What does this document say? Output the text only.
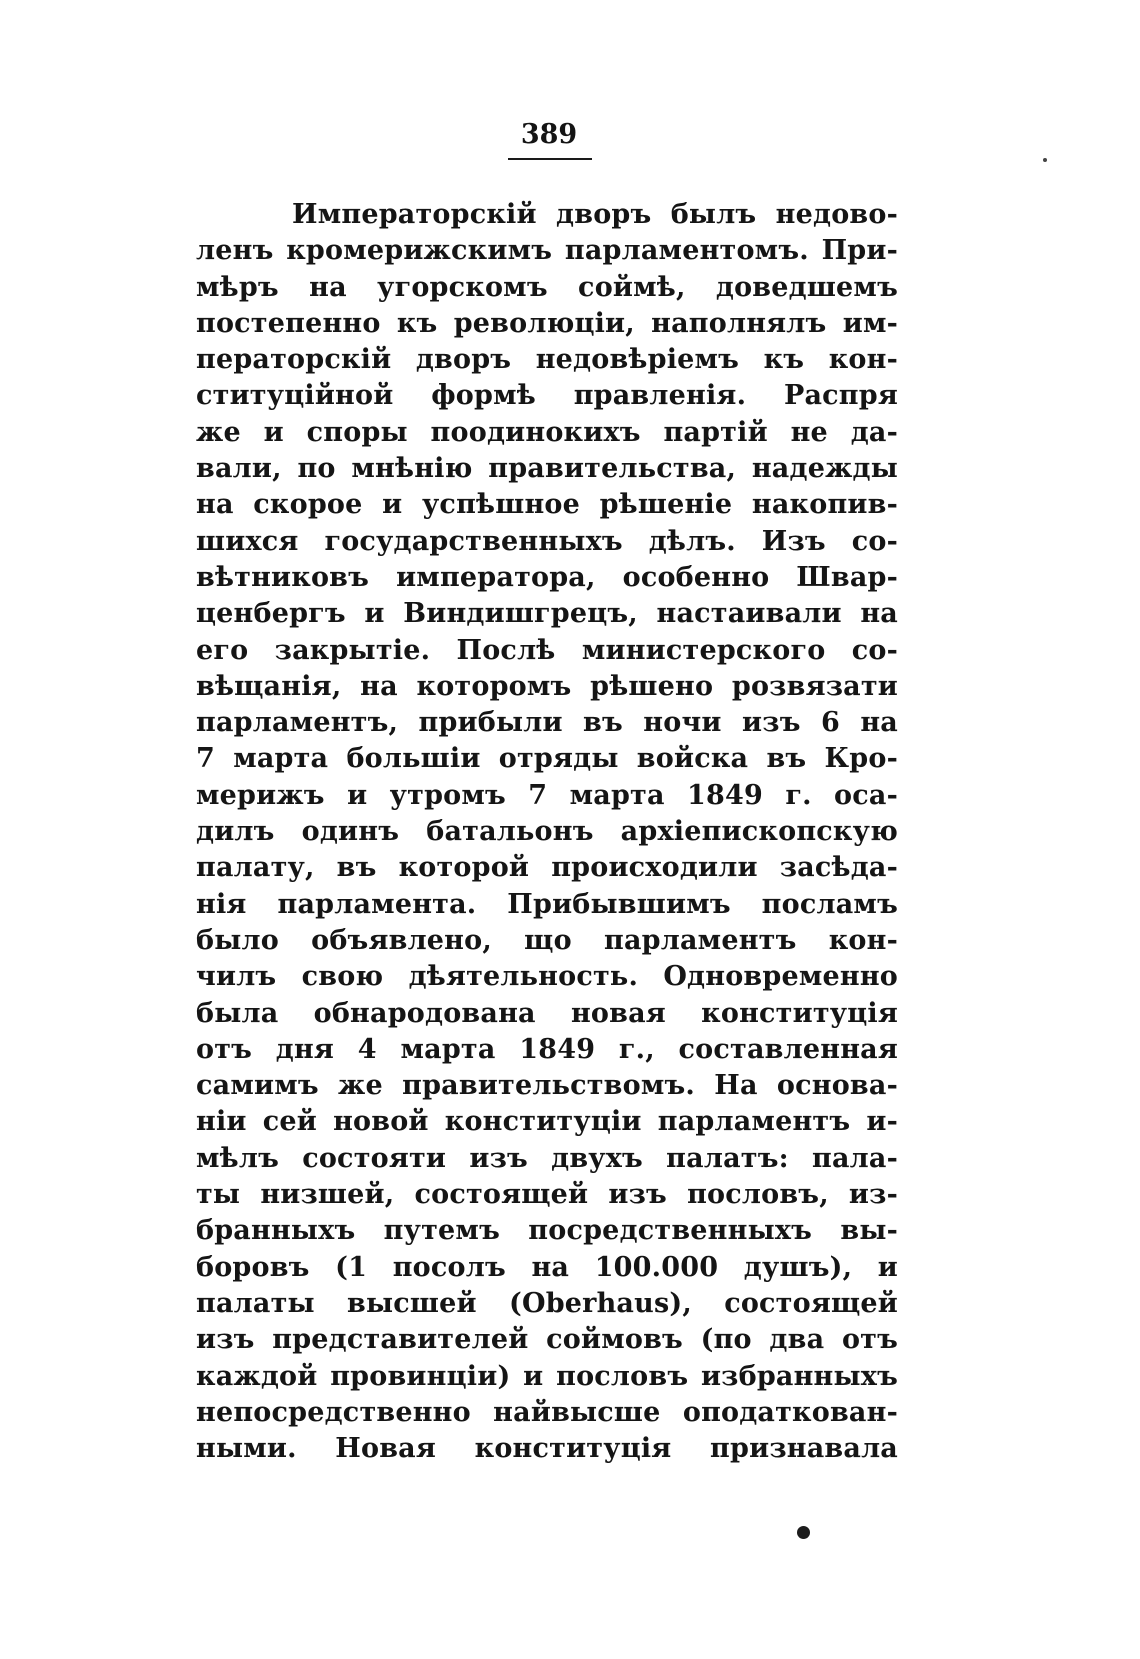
389
Императорскій дворъ былъ недово-
ленъ кромерижскимъ парламентомъ. При-
мѣръ на угорскомъ соймѣ, доведшемъ
постепенно къ революціи, наполнялъ им-
ператорскій дворъ недовѣріемъ къ кон-
ституційной формѣ правленія. Распря
же и споры поодинокихъ партій не да-
вали, по мнѣнію правительства, надежды
на скорое и успѣшное рѣшеніе накопив-
шихся государственныхъ дѣлъ. Изъ со-
вѣтниковъ императора, особенно Швар-
ценбергъ и Виндишгрецъ, настаивали на
его закрытіе. Послѣ министерского со-
вѣщанія, на которомъ рѣшено розвязати
парламентъ, прибыли въ ночи изъ 6 на
7 марта большіи отряды войска въ Кро-
мерижъ и утромъ 7 марта 1849 г. оса-
дилъ одинъ батальонъ архіепископскую
палату, въ которой происходили засѣда-
нія парламента. Прибывшимъ посламъ
было объявлено, що парламентъ кон-
чилъ свою дѣятельность. Одновременно
была обнародована новая конституція
отъ дня 4 марта 1849 г., составленная
самимъ же правительствомъ. На основа-
ніи сей новой конституціи парламентъ и-
мѣлъ состояти изъ двухъ палатъ: пала-
ты низшей, состоящей изъ пословъ, из-
бранныхъ путемъ посредственныхъ вы-
боровъ (1 посолъ на 100.000 душъ), и
палаты высшей (Oberhaus), состоящей
изъ представителей соймовъ (по два отъ
каждой провинціи) и пословъ избранныхъ
непосредственно найвысше оподаткован-
ными. Новая конституція признавала
